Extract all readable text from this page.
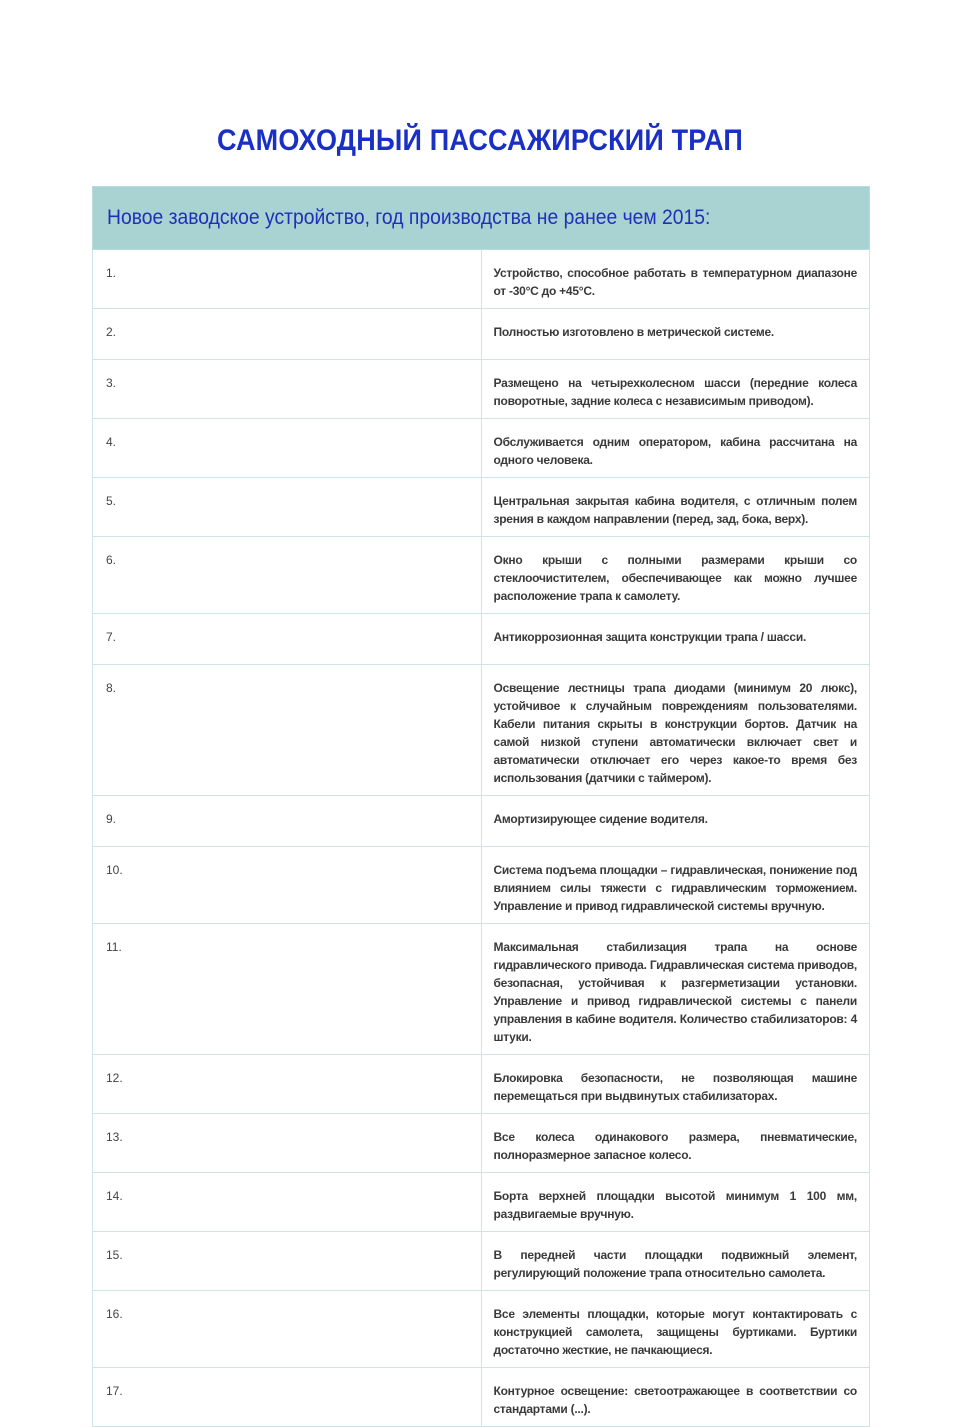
САМОХОДНЫЙ ПАССАЖИРСКИЙ ТРАП
Новое заводское устройство, год производства не ранее чем 2015:	
1.	Устройство, способное работать в температурном диапазоне от -30°С до +45°С.

2.	Полностью изготовлено в метрической системе.

3.	Размещено на четырехколесном шасси (передние колеса поворотные, задние колеса с независимым приводом).

4.	Обслуживается одним оператором, кабина рассчитана на одного человека.

5.	Центральная закрытая кабина водителя, с отличным полем зрения в каждом направлении (перед, зад, бока, верх).

6.	Окно крыши с полными размерами крыши со стеклоочистителем, обеспечивающее как можно лучшее расположение трапа к самолету.

7.	Антикоррозионная защита конструкции трапа / шасси.

8.	Освещение лестницы трапа диодами (минимум 20 люкс), устойчивое к случайным повреждениям пользователями. Кабели питания скрыты в конструкции бортов. Датчик на самой низкой ступени автоматически включает свет и автоматически отключает его через какое-то время без использования (датчики с таймером).

9.	Амортизирующее сидение водителя.

10.	Система подъема площадки – гидравлическая, понижение под влиянием силы тяжести с гидравлическим торможением. Управление и привод гидравлической системы вручную.

11.	Максимальная стабилизация трапа на основе гидравлического привода. Гидравлическая система приводов, безопасная, устойчивая к разгерметизации установки. Управление и привод гидравлической системы с панели управления в кабине водителя. Количество стабилизаторов: 4 штуки.

12.	Блокировка безопасности, не позволяющая машине перемещаться при выдвинутых стабилизаторах.

13.	Все колеса одинакового размера, пневматические, полноразмерное запасное колесо.

14.	Борта верхней площадки высотой минимум 1 100 мм, раздвигаемые вручную.

15.	В передней части площадки подвижный элемент, регулирующий положение трапа относительно самолета.

16.	Все элементы площадки, которые могут контактировать с конструкцией самолета, защищены буртиками. Буртики достаточно жесткие, не пачкающиеся.

17.	Контурное освещение: светоотражающее в соответствии со стандартами (...).
